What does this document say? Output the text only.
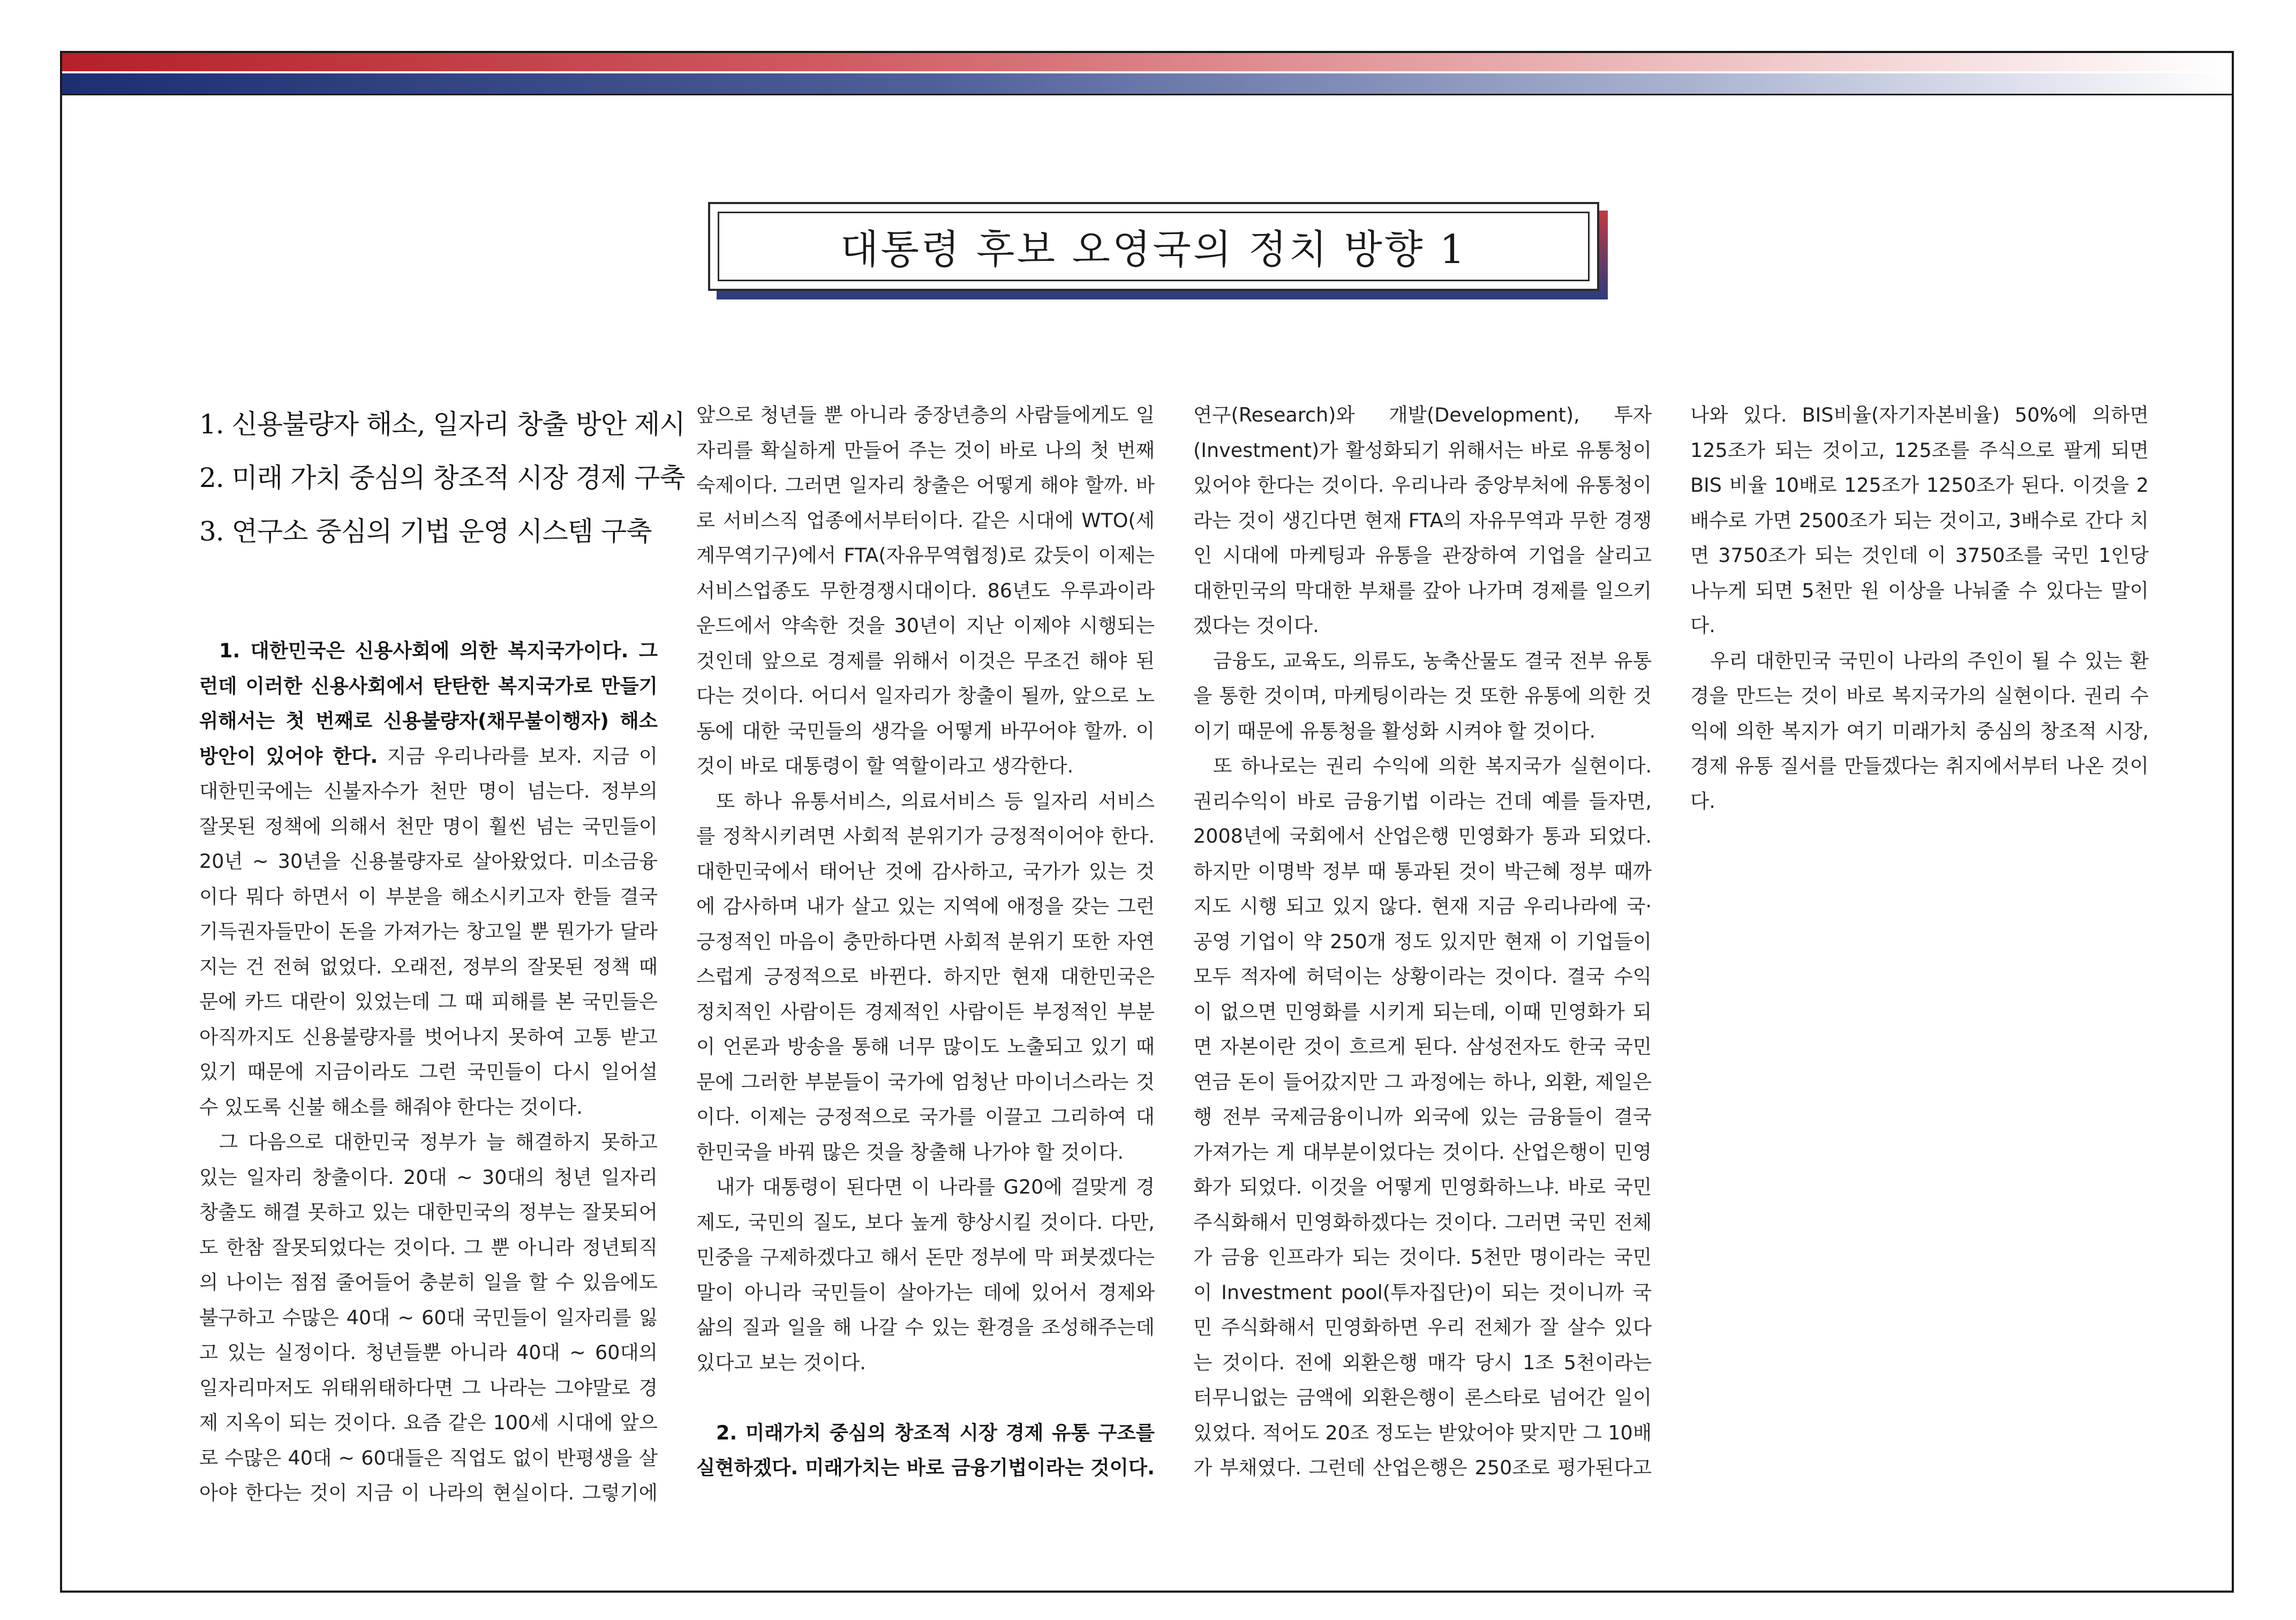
대통령 후보 오영국의 정치 방향 1
1. 신용불량자 해소, 일자리 창출 방안 제시
2. 미래 가치 중심의 창조적 시장 경제 구축
3. 연구소 중심의 기법 운영 시스템 구축

1. 대한민국은 신용사회에 의한 복지국가이다. 그런데 이러한 신용사회에서 탄탄한 복지국가로 만들기 위해서는 첫 번째로 신용불량자(채무불이행자) 해소방안이 있어야 한다. 지금 우리나라를 보자. 지금 이 대한민국에는 신불자수가 천만 명이 넘는다. 정부의 잘못된 정책에 의해서 천만 명이 훨씬 넘는 국민들이 20년 ~ 30년을 신용불량자로 살아왔었다. 미소금융이다 뭐다 하면서 이 부분을 해소시키고자 한들 결국 기득권자들만이 돈을 가져가는 창고일 뿐 뭔가가 달라지는 건 전혀 없었다. 오래전, 정부의 잘못된 정책 때문에 카드 대란이 있었는데 그 때 피해를 본 국민들은 아직까지도 신용불량자를 벗어나지 못하여 고통 받고 있기 때문에 지금이라도 그런 국민들이 다시 일어설 수 있도록 신불 해소를 해줘야 한다는 것이다.

그 다음으로 대한민국 정부가 늘 해결하지 못하고 있는 일자리 창출이다. 20대 ~ 30대의 청년 일자리 창출도 해결 못하고 있는 대한민국의 정부는 잘못되어도 한참 잘못되었다는 것이다. 그 뿐 아니라 정년퇴직의 나이는 점점 줄어들어 충분히 일을 할 수 있음에도 불구하고 수많은 40대 ~ 60대 국민들이 일자리를 잃고 있는 실정이다. 청년들뿐 아니라 40대 ~ 60대의 일자리마저도 위태위태하다면 그 나라는 그야말로 경제 지옥이 되는 것이다. 요즘 같은 100세 시대에 앞으로 수많은 40대 ~ 60대들은 직업도 없이 반평생을 살아야 한다는 것이 지금 이 나라의 현실이다. 그렇기에 앞으로 청년들 뿐 아니라 중장년층의 사람들에게도 일자리를 확실하게 만들어 주는 것이 바로 나의 첫 번째 숙제이다. 그러면 일자리 창출은 어떻게 해야 할까. 바로 서비스직 업종에서부터이다. 같은 시대에 WTO(세계무역기구)에서 FTA(자유무역협정)로 갔듯이 이제는 서비스업종도 무한경쟁시대이다. 86년도 우루과이라운드에서 약속한 것을 30년이 지난 이제야 시행되는 것인데 앞으로 경제를 위해서 이것은 무조건 해야 된다는 것이다. 어디서 일자리가 창출이 될까, 앞으로 노동에 대한 국민들의 생각을 어떻게 바꾸어야 할까. 이것이 바로 대통령이 할 역할이라고 생각한다.

또 하나 유통서비스, 의료서비스 등 일자리 서비스를 정착시키려면 사회적 분위기가 긍정적이어야 한다. 대한민국에서 태어난 것에 감사하고, 국가가 있는 것에 감사하며 내가 살고 있는 지역에 애정을 갖는 그런 긍정적인 마음이 충만하다면 사회적 분위기 또한 자연스럽게 긍정적으로 바뀐다. 하지만 현재 대한민국은 정치적인 사람이든 경제적인 사람이든 부정적인 부분이 언론과 방송을 통해 너무 많이도 노출되고 있기 때문에 그러한 부분들이 국가에 엄청난 마이너스라는 것이다. 이제는 긍정적으로 국가를 이끌고 그리하여 대한민국을 바꿔 많은 것을 창출해 나가야 할 것이다.

내가 대통령이 된다면 이 나라를 G20에 걸맞게 경제도, 국민의 질도, 보다 높게 향상시킬 것이다. 다만, 민중을 구제하겠다고 해서 돈만 정부에 막 퍼붓겠다는 말이 아니라 국민들이 살아가는 데에 있어서 경제와 삶의 질과 일을 해 나갈 수 있는 환경을 조성해주는데 있다고 보는 것이다.

2. 미래가치 중심의 창조적 시장 경제 유통 구조를 실현하겠다. 미래가치는 바로 금융기법이라는 것이다. 연구(Research)와 개발(Development), 투자(Investment)가 활성화되기 위해서는 바로 유통청이 있어야 한다는 것이다. 우리나라 중앙부처에 유통청이라는 것이 생긴다면 현재 FTA의 자유무역과 무한 경쟁인 시대에 마케팅과 유통을 관장하여 기업을 살리고 대한민국의 막대한 부채를 갚아 나가며 경제를 일으키겠다는 것이다.

금융도, 교육도, 의류도, 농축산물도 결국 전부 유통을 통한 것이며, 마케팅이라는 것 또한 유통에 의한 것이기 때문에 유통청을 활성화 시켜야 할 것이다.

또 하나로는 권리 수익에 의한 복지국가 실현이다. 권리수익이 바로 금융기법 이라는 건데 예를 들자면, 2008년에 국회에서 산업은행 민영화가 통과 되었다. 하지만 이명박 정부 때 통과된 것이 박근혜 정부 때까지도 시행 되고 있지 않다. 현재 지금 우리나라에 국·공영 기업이 약 250개 정도 있지만 현재 이 기업들이 모두 적자에 허덕이는 상황이라는 것이다. 결국 수익이 없으면 민영화를 시키게 되는데, 이때 민영화가 되면 자본이란 것이 흐르게 된다. 삼성전자도 한국 국민연금 돈이 들어갔지만 그 과정에는 하나, 외환, 제일은행 전부 국제금융이니까 외국에 있는 금융들이 결국 가져가는 게 대부분이었다는 것이다. 산업은행이 민영화가 되었다. 이것을 어떻게 민영화하느냐. 바로 국민 주식화해서 민영화하겠다는 것이다. 그러면 국민 전체가 금융 인프라가 되는 것이다. 5천만 명이라는 국민이 Investment pool(투자집단)이 되는 것이니까 국민 주식화해서 민영화하면 우리 전체가 잘 살수 있다는 것이다. 전에 외환은행 매각 당시 1조 5천이라는 터무니없는 금액에 외환은행이 론스타로 넘어간 일이 있었다. 적어도 20조 정도는 받았어야 맞지만 그 10배가 부채였다. 그런데 산업은행은 250조로 평가된다고 나와 있다. BIS비율(자기자본비율) 50%에 의하면 125조가 되는 것이고, 125조를 주식으로 팔게 되면 BIS 비율 10배로 125조가 1250조가 된다. 이것을 2배수로 가면 2500조가 되는 것이고, 3배수로 간다 치면 3750조가 되는 것인데 이 3750조를 국민 1인당 나누게 되면 5천만 원 이상을 나눠줄 수 있다는 말이다.

우리 대한민국 국민이 나라의 주인이 될 수 있는 환경을 만드는 것이 바로 복지국가의 실현이다. 권리 수익에 의한 복지가 여기 미래가치 중심의 창조적 시장, 경제 유통 질서를 만들겠다는 취지에서부터 나온 것이다.
